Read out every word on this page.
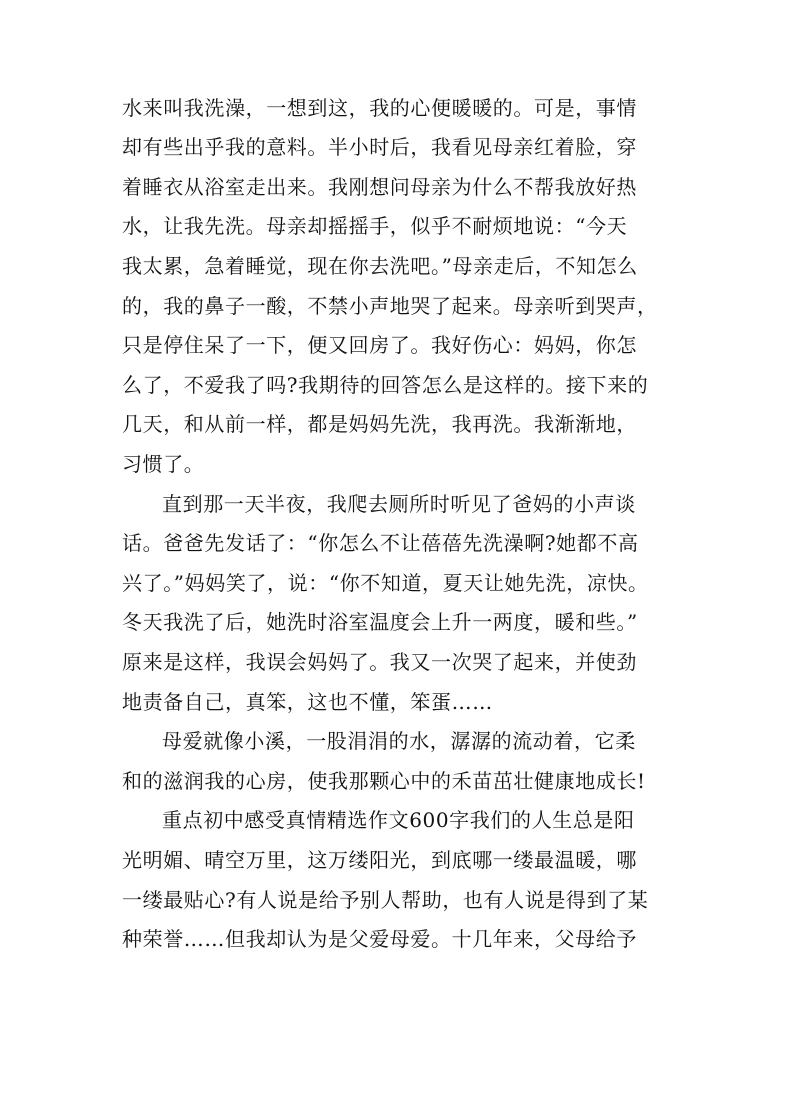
水来叫我洗澡，一想到这，我的心便暖暖的。可是，事情
却有些出乎我的意料。半小时后，我看见母亲红着脸，穿
着睡衣从浴室走出来。我刚想问母亲为什么不帮我放好热
水，让我先洗。母亲却摇摇手，似乎不耐烦地说：“今天
我太累，急着睡觉，现在你去洗吧。”母亲走后，不知怎么
的，我的鼻子一酸，不禁小声地哭了起来。母亲听到哭声，
只是停住呆了一下，便又回房了。我好伤心：妈妈，你怎
么了，不爱我了吗?我期待的回答怎么是这样的。接下来的
几天，和从前一样，都是妈妈先洗，我再洗。我渐渐地，
习惯了。
直到那一天半夜，我爬去厕所时听见了爸妈的小声谈
话。爸爸先发话了：“你怎么不让蓓蓓先洗澡啊?她都不高
兴了。”妈妈笑了，说：“你不知道，夏天让她先洗，凉快。
冬天我洗了后，她洗时浴室温度会上升一两度，暖和些。”
原来是这样，我误会妈妈了。我又一次哭了起来，并使劲
地责备自己，真笨，这也不懂，笨蛋……
母爱就像小溪，一股涓涓的水，潺潺的流动着，它柔
和的滋润我的心房，使我那颗心中的禾苗茁壮健康地成长!
重点初中感受真情精选作文600字我们的人生总是阳
光明媚、晴空万里，这万缕阳光，到底哪一缕最温暖，哪
一缕最贴心?有人说是给予别人帮助，也有人说是得到了某
种荣誉……但我却认为是父爱母爱。十几年来，父母给予
